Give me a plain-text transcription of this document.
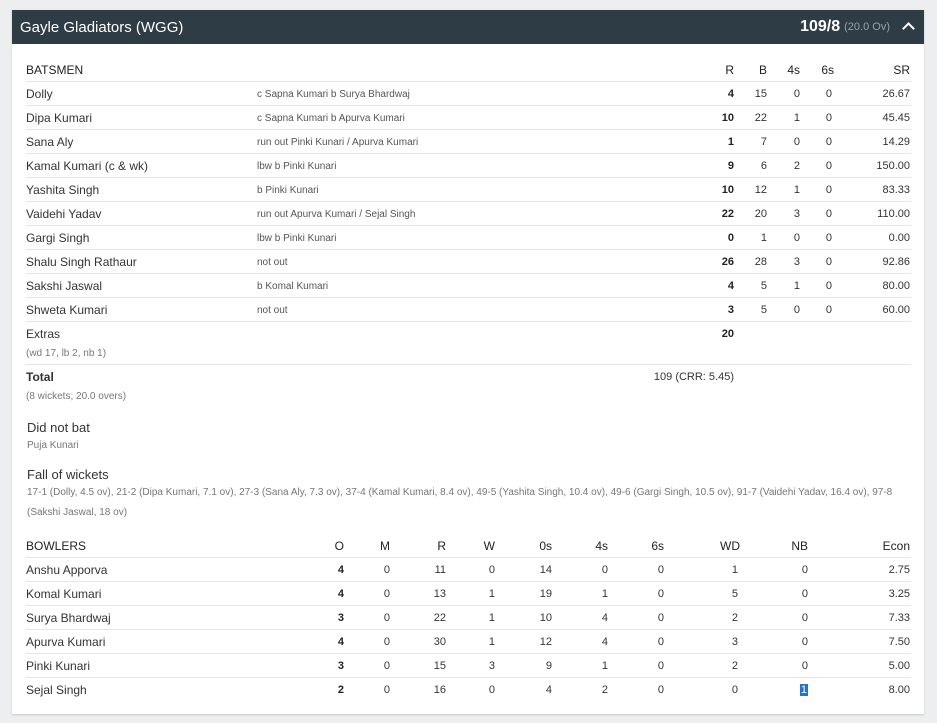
Gayle Gladiators (WGG)	109/8 (20.0 Ov)
BATSMEN	R	B	4s	6s	SR
Dolly	c Sapna Kumari b Surya Bhardwaj	4	15	0	0	26.67
Dipa Kumari	c Sapna Kumari b Apurva Kumari	10	22	1	0	45.45
Sana Aly	run out Pinki Kunari / Apurva Kumari	1	7	0	0	14.29
Kamal Kumari (c & wk)	lbw b Pinki Kunari	9	6	2	0	150.00
Yashita Singh	b Pinki Kunari	10	12	1	0	83.33
Vaidehi Yadav	run out Apurva Kumari / Sejal Singh	22	20	3	0	110.00
Gargi Singh	lbw b Pinki Kunari	0	1	0	0	0.00
Shalu Singh Rathaur	not out	26	28	3	0	92.86
Sakshi Jaswal	b Komal Kumari	4	5	1	0	80.00
Shweta Kumari	not out	3	5	0	0	60.00
Extras	20
(wd 17, lb 2, nb 1)
Total	109 (CRR: 5.45)
(8 wickets; 20.0 overs)
Did not bat
Puja Kunari
Fall of wickets
17-1 (Dolly, 4.5 ov), 21-2 (Dipa Kumari, 7.1 ov), 27-3 (Sana Aly, 7.3 ov), 37-4 (Kamal Kumari, 8.4 ov), 49-5 (Yashita Singh, 10.4 ov), 49-6 (Gargi Singh, 10.5 ov), 91-7 (Vaidehi Yadav, 16.4 ov), 97-8
(Sakshi Jaswal, 18 ov)
BOWLERS	O	M	R	W	0s	4s	6s	WD	NB	Econ
Anshu Apporva	4	0	11	0	14	0	0	1	0	2.75
Komal Kumari	4	0	13	1	19	1	0	5	0	3.25
Surya Bhardwaj	3	0	22	1	10	4	0	2	0	7.33
Apurva Kumari	4	0	30	1	12	4	0	3	0	7.50
Pinki Kunari	3	0	15	3	9	1	0	2	0	5.00
Sejal Singh	2	0	16	0	4	2	0	0	1	8.00
